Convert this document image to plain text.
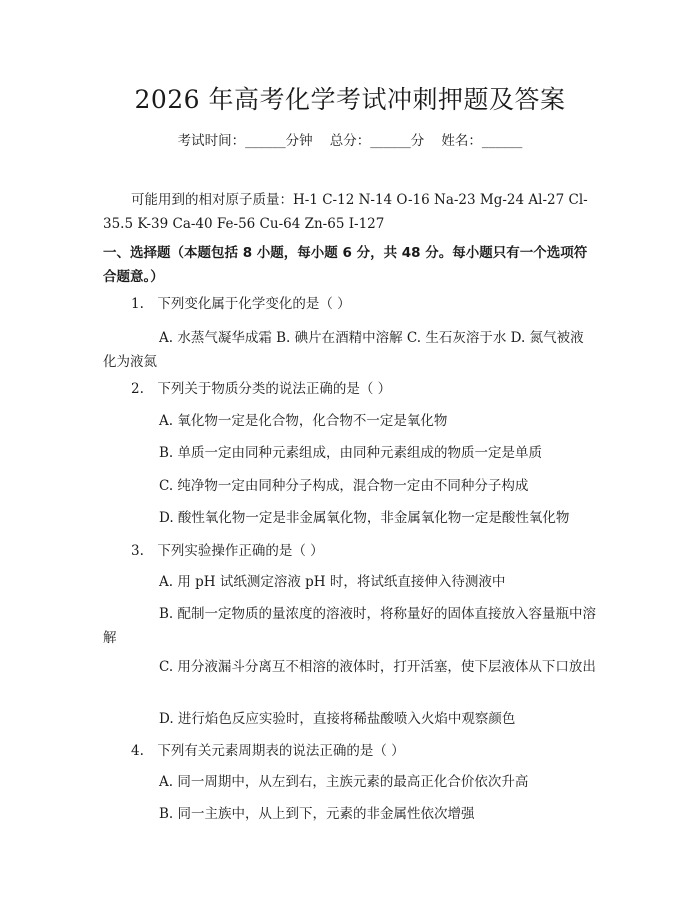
2026 年高考化学考试冲刺押题及答案
考试时间：______分钟    总分：______分    姓名：______
可能用到的相对原子质量：H-1 C-12 N-14 O-16 Na-23 Mg-24 Al-27 Cl-35.5 K-39 Ca-40 Fe-56 Cu-64 Zn-65 I-127
一、选择题（本题包括 8 小题，每小题 6 分，共 48 分。每小题只有一个选项符合题意。）
1.　下列变化属于化学变化的是（ ）
A. 水蒸气凝华成霜 B. 碘片在酒精中溶解 C. 生石灰溶于水 D. 氮气被液化为液氮
2.　下列关于物质分类的说法正确的是（ ）
A. 氧化物一定是化合物，化合物不一定是氧化物
B. 单质一定由同种元素组成，由同种元素组成的物质一定是单质
C. 纯净物一定由同种分子构成，混合物一定由不同种分子构成
D. 酸性氧化物一定是非金属氧化物，非金属氧化物一定是酸性氧化物
3.　下列实验操作正确的是（ ）
A. 用 pH 试纸测定溶液 pH 时，将试纸直接伸入待测液中
B. 配制一定物质的量浓度的溶液时，将称量好的固体直接放入容量瓶中溶解
C. 用分液漏斗分离互不相溶的液体时，打开活塞，使下层液体从下口放出
D. 进行焰色反应实验时，直接将稀盐酸喷入火焰中观察颜色
4.　下列有关元素周期表的说法正确的是（ ）
A. 同一周期中，从左到右，主族元素的最高正化合价依次升高
B. 同一主族中，从上到下，元素的非金属性依次增强
